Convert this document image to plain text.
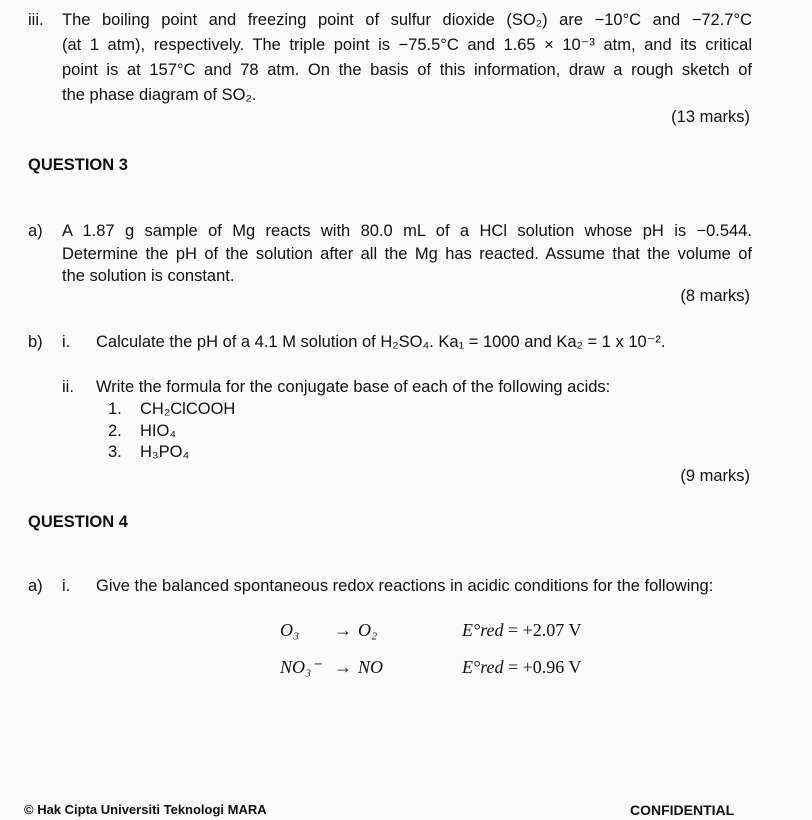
iii. The boiling point and freezing point of sulfur dioxide (SO₂) are −10°C and −72.7°C
(at 1 atm), respectively. The triple point is −75.5°C and 1.65 × 10⁻³ atm, and its critical
point is at 157°C and 78 atm. On the basis of this information, draw a rough sketch of
the phase diagram of SO₂.
(13 marks)
QUESTION 3
a) A 1.87 g sample of Mg reacts with 80.0 mL of a HCl solution whose pH is −0.544.
Determine the pH of the solution after all the Mg has reacted. Assume that the volume of
the solution is constant.
(8 marks)
b) i. Calculate the pH of a 4.1 M solution of H₂SO₄. Ka₁ = 1000 and Ka₂ = 1 x 10⁻².
ii. Write the formula for the conjugate base of each of the following acids:
1. CH₂ClCOOH
2. HIO₄
3. H₃PO₄
(9 marks)
QUESTION 4
a) i. Give the balanced spontaneous redox reactions in acidic conditions for the following:
O₃ → O₂	E°red = +2.07 V
NO₃⁻ → NO	E°red = +0.96 V
© Hak Cipta Universiti Teknologi MARA	CONFIDENTIAL
